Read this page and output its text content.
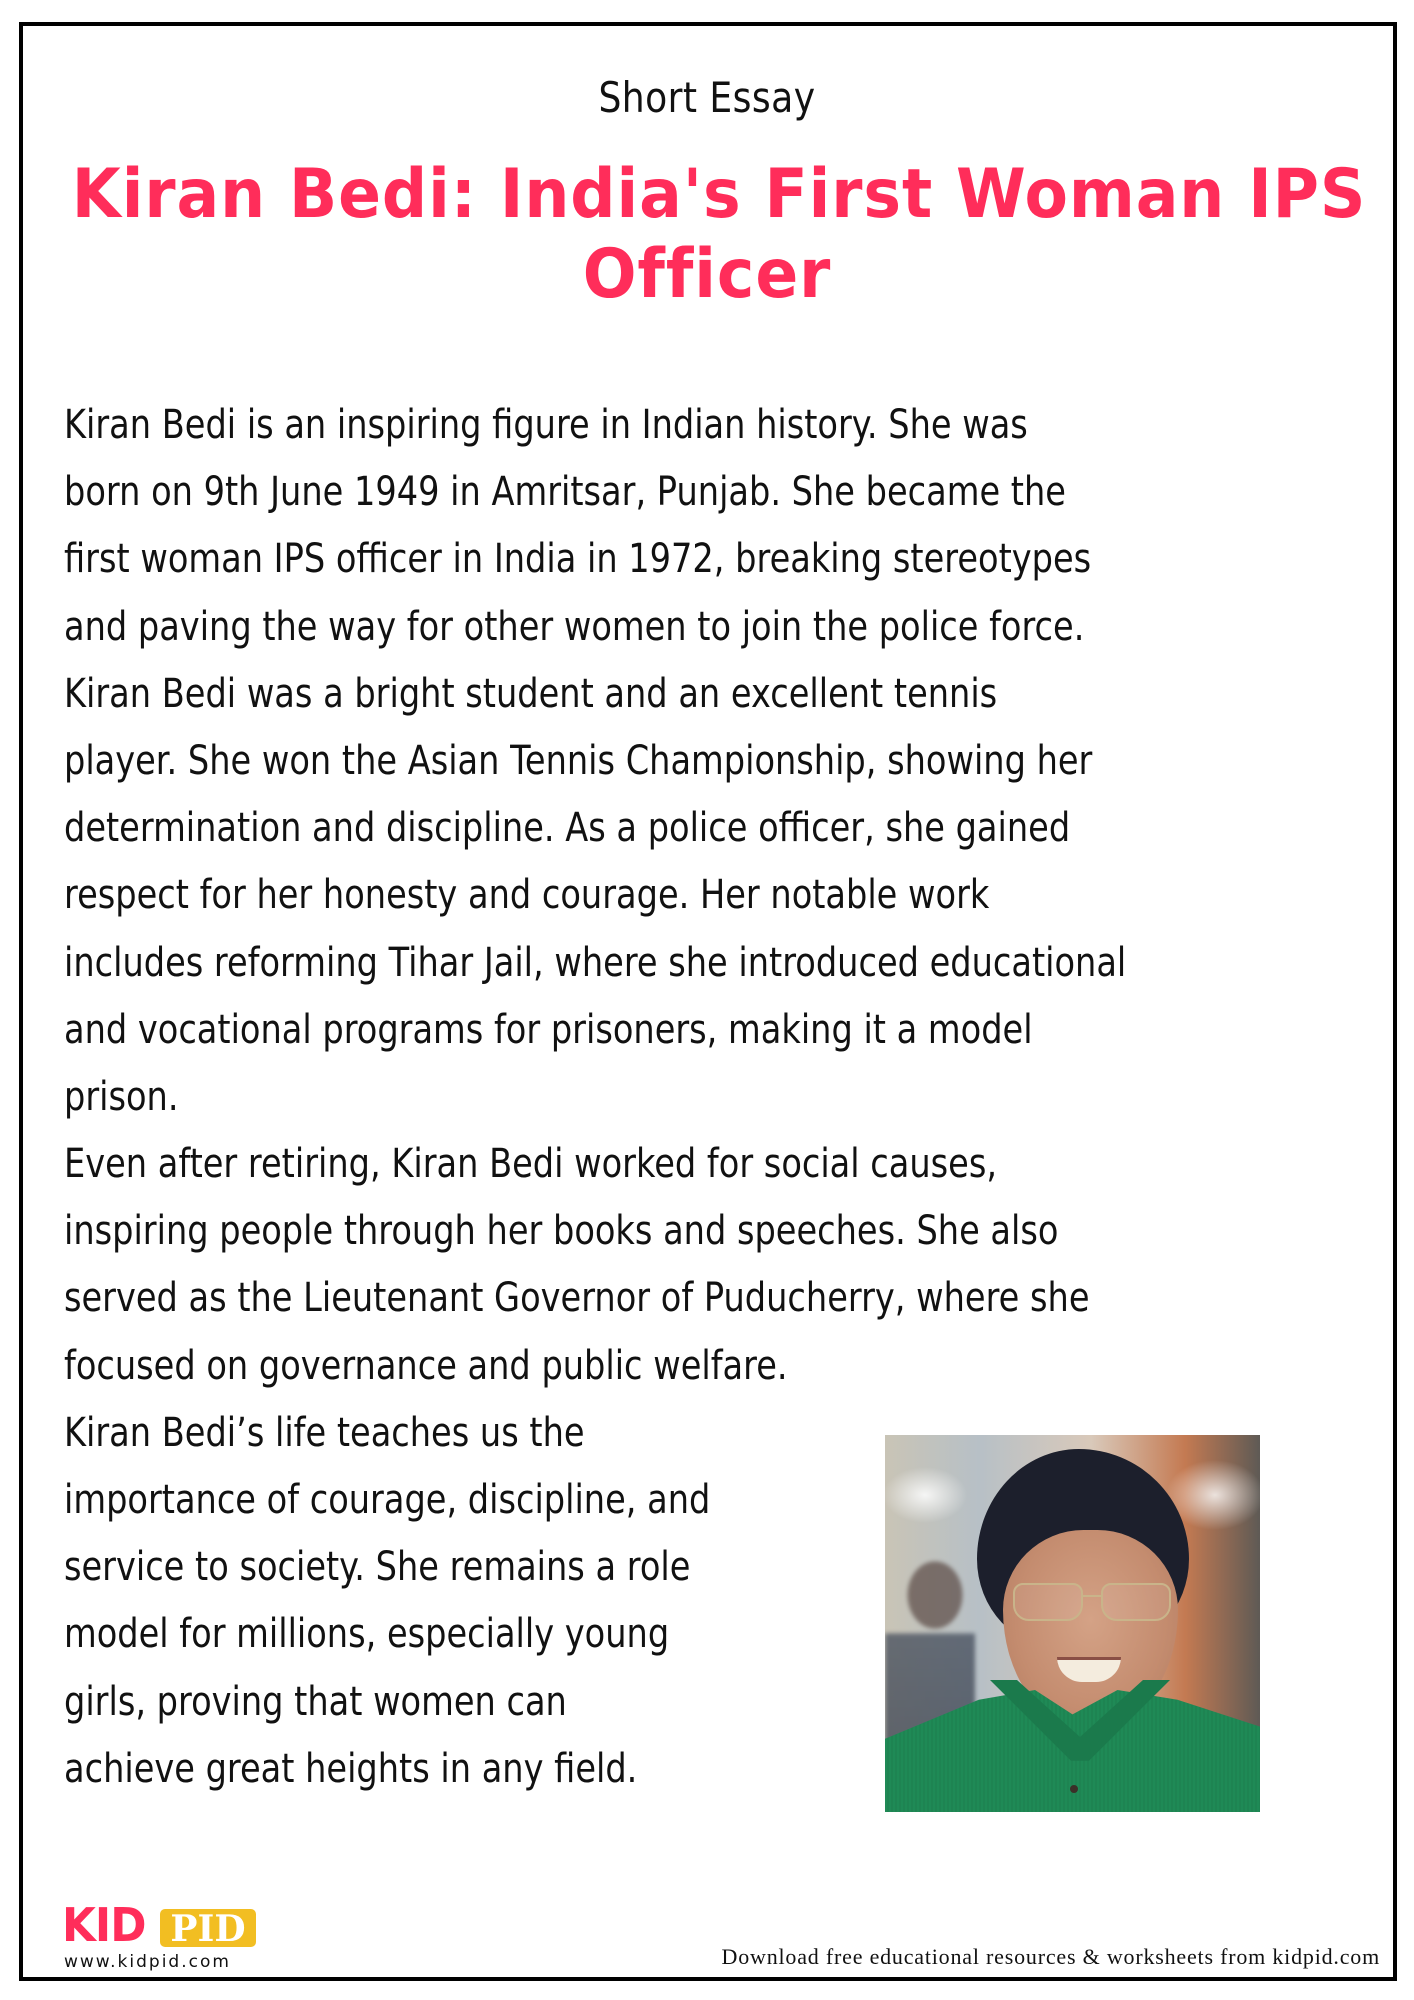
Short Essay
Kiran Bedi: India's First Woman IPS
Officer
Kiran Bedi is an inspiring figure in Indian history. She was
born on 9th June 1949 in Amritsar, Punjab. She became the
first woman IPS officer in India in 1972, breaking stereotypes
and paving the way for other women to join the police force.
Kiran Bedi was a bright student and an excellent tennis
player. She won the Asian Tennis Championship, showing her
determination and discipline. As a police officer, she gained
respect for her honesty and courage. Her notable work
includes reforming Tihar Jail, where she introduced educational
and vocational programs for prisoners, making it a model
prison.
Even after retiring, Kiran Bedi worked for social causes,
inspiring people through her books and speeches. She also
served as the Lieutenant Governor of Puducherry, where she
focused on governance and public welfare.
Kiran Bedi’s life teaches us the
importance of courage, discipline, and
service to society. She remains a role
model for millions, especially young
girls, proving that women can
achieve great heights in any field.
KID PID
www.kidpid.com	Download free educational resources & worksheets from kidpid.com
